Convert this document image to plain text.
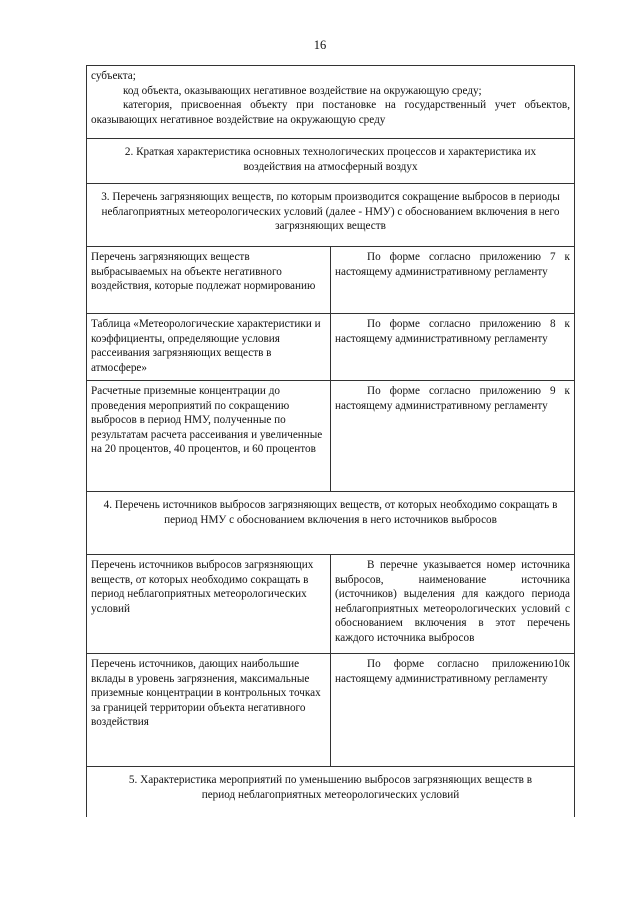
16

субъекта;

код объекта, оказывающих негативное воздействие на окружающую среду;

категория, присвоенная объекту при постановке на государственный учет объектов, оказывающих негативное воздействие на окружающую среду	

2. Краткая характеристика основных технологических процессов и характеристика их воздействия на атмосферный воздух	
3. Перечень загрязняющих веществ, по которым производится сокращение выбросов в периоды неблагоприятных метеорологических условий (далее - НМУ) с обоснованием включения в него загрязняющих веществ	
Перечень загрязняющих веществ выбрасываемых на объекте негативного воздействия, которые подлежат нормированию	По форме согласно приложению 7 к настоящему административному регламенту

Таблица «Метеорологические характеристики и коэффициенты, определяющие условия рассеивания загрязняющих веществ в атмосфере»	По форме согласно приложению 8 к настоящему административному регламенту

Расчетные приземные концентрации до проведения мероприятий по сокращению выбросов в период НМУ, полученные по результатам расчета рассеивания и увеличенные на 20 процентов, 40 процентов, и 60 процентов	По форме согласно приложению 9 к настоящему административному регламенту

4. Перечень источников выбросов загрязняющих веществ, от которых необходимо сокращать в период НМУ с обоснованием включения в него источников выбросов	
Перечень источников выбросов загрязняющих веществ, от которых необходимо сокращать в период неблагоприятных метеорологических условий	В перечне указывается номер источника выбросов, наименование источника (источников) выделения для каждого периода неблагоприятных метеорологических условий с обоснованием включения в этот перечень каждого источника выбросов

Перечень источников, дающих наибольшие вклады в уровень загрязнения, максимальные приземные концентрации в контрольных точках за границей территории объекта негативного воздействия	По форме согласно приложению10к настоящему административному регламенту

5. Характеристика мероприятий по уменьшению выбросов загрязняющих веществ в период неблагоприятных метеорологических условий	
